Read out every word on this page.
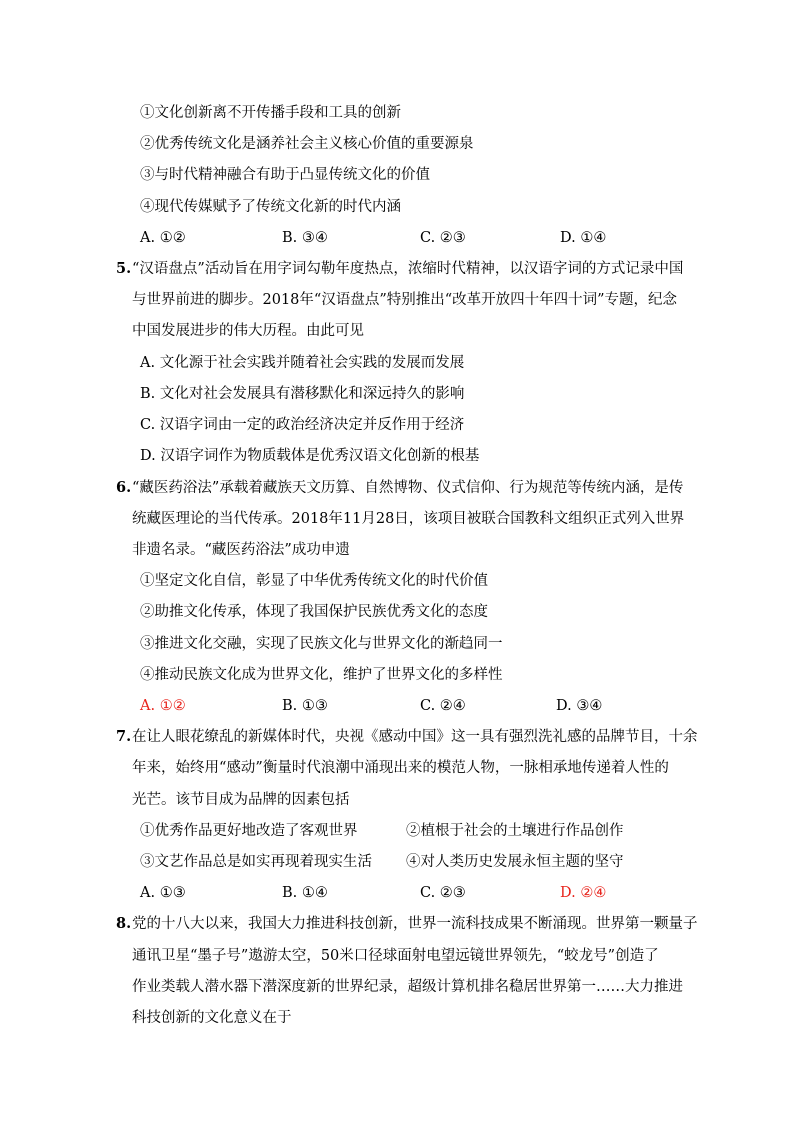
①文化创新离不开传播手段和工具的创新
②优秀传统文化是涵养社会主义核心价值的重要源泉
③与时代精神融合有助于凸显传统文化的价值
④现代传媒赋予了传统文化新的时代内涵
A. ①②	B. ③④	C. ②③	D. ①④
5. “汉语盘点”活动旨在用字词勾勒年度热点，浓缩时代精神，以汉语字词的方式记录中国
与世界前进的脚步。2018年“汉语盘点”特别推出“改革开放四十年四十词”专题，纪念
中国发展进步的伟大历程。由此可见
A. 文化源于社会实践并随着社会实践的发展而发展
B. 文化对社会发展具有潜移默化和深远持久的影响
C. 汉语字词由一定的政治经济决定并反作用于经济
D. 汉语字词作为物质载体是优秀汉语文化创新的根基
6. “藏医药浴法”承载着藏族天文历算、自然博物、仪式信仰、行为规范等传统内涵，是传
统藏医理论的当代传承。2018年11月28日，该项目被联合国教科文组织正式列入世界
非遗名录。“藏医药浴法”成功申遗
①坚定文化自信，彰显了中华优秀传统文化的时代价值
②助推文化传承，体现了我国保护民族优秀文化的态度
③推进文化交融，实现了民族文化与世界文化的渐趋同一
④推动民族文化成为世界文化，维护了世界文化的多样性
A. ①②	B. ①③	C. ②④	D. ③④
7. 在让人眼花缭乱的新媒体时代，央视《感动中国》这一具有强烈洗礼感的品牌节目，十余
年来，始终用“感动”衡量时代浪潮中涌现出来的模范人物，一脉相承地传递着人性的
光芒。该节目成为品牌的因素包括
①优秀作品更好地改造了客观世界	②植根于社会的土壤进行作品创作
③文艺作品总是如实再现着现实生活 ④对人类历史发展永恒主题的坚守
A. ①③	B. ①④	C. ②③	D. ②④
8. 党的十八大以来，我国大力推进科技创新，世界一流科技成果不断涌现。世界第一颗量子
通讯卫星“墨子号”遨游太空，50米口径球面射电望远镜世界领先，“蛟龙号”创造了
作业类载人潜水器下潜深度新的世界纪录，超级计算机排名稳居世界第一……大力推进
科技创新的文化意义在于
